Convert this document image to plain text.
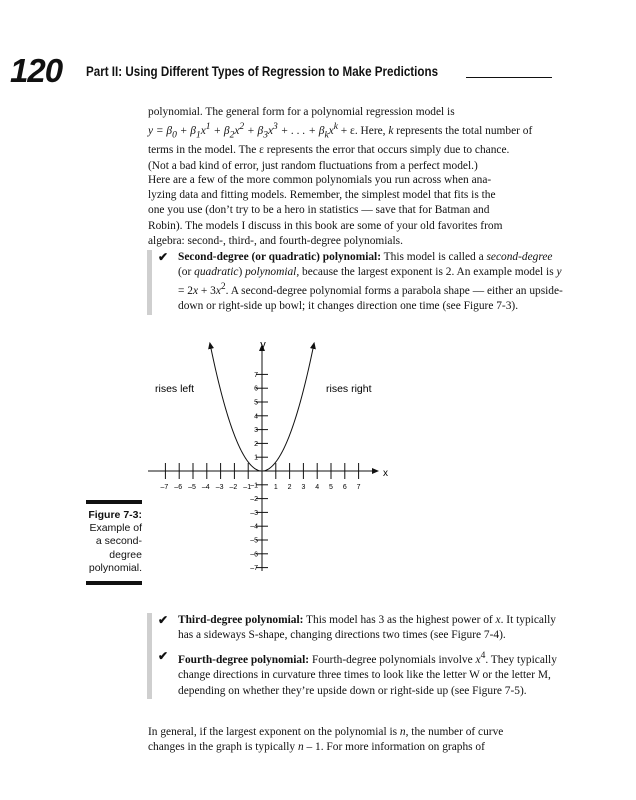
120 Part II: Using Different Types of Regression to Make Predictions

polynomial. The general form for a polynomial regression model is

$y = \beta_0 + \beta_1x^1 + \beta_2x^2 + \beta_3x^3$ + . . . + $\beta_kx^k + \varepsilon$. Here, k represents the total number of

terms in the model. The ε represents the error that occurs simply due to chance.

(Not a bad kind of error, just random fluctuations from a perfect model.)

Here are a few of the more common polynomials you run across when ana-

lyzing data and fitting models. Remember, the simplest model that fits is the

one you use (don’t try to be a hero in statistics — save that for Batman and

Robin). The models I discuss in this book are some of your old favorites from

algebra: second-, third-, and fourth-degree polynomials.

✔ Second-degree (or quadratic) polynomial: This model is called a second-degree (or quadratic) polynomial, because the largest exponent is 2. An example model is $y = 2x + 3x^2$. A second-degree polynomial forms a parabola shape — either an upside-down or right-side up bowl; it changes direction one time (see Figure 7-3).
Figure 7-3:
Example of
a second-
degree
polynomial.
–7 –6 –5 –4 –3 –2 –1	1 2 3 4 5 6 7
1
–1
2
–2
3
–3
4
–4
5
–5
6
–6
7
–7
y
x
rises left	rises right
✔ Third-degree polynomial: This model has 3 as the highest power of x. It typically has a sideways S-shape, changing directions two times (see Figure 7-4).
✔ Fourth-degree polynomial: Fourth-degree polynomials involve $x^4$. They typically change directions in curvature three times to look like the letter W or the letter M, depending on whether they’re upside down or right-side up (see Figure 7-5).

In general, if the largest exponent on the polynomial is n, the number of curve

changes in the graph is typically n – 1. For more information on graphs of
